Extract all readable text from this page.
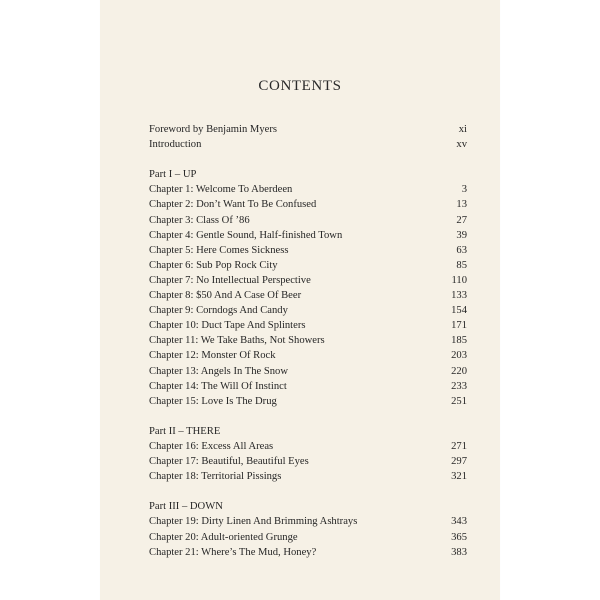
CONTENTS
Foreword by Benjamin Myers	xi
Introduction	xv
Part I – UP
Chapter 1: Welcome To Aberdeen	3
Chapter 2: Don’t Want To Be Confused	13
Chapter 3: Class Of ’86	27
Chapter 4: Gentle Sound, Half-finished Town	39
Chapter 5: Here Comes Sickness	63
Chapter 6: Sub Pop Rock City	85
Chapter 7: No Intellectual Perspective	110
Chapter 8: $50 And A Case Of Beer	133
Chapter 9: Corndogs And Candy	154
Chapter 10: Duct Tape And Splinters	171
Chapter 11: We Take Baths, Not Showers	185
Chapter 12: Monster Of Rock	203
Chapter 13: Angels In The Snow	220
Chapter 14: The Will Of Instinct	233
Chapter 15: Love Is The Drug	251
Part II – THERE
Chapter 16: Excess All Areas	271
Chapter 17: Beautiful, Beautiful Eyes	297
Chapter 18: Territorial Pissings	321
Part III – DOWN
Chapter 19: Dirty Linen And Brimming Ashtrays	343
Chapter 20: Adult-oriented Grunge	365
Chapter 21: Where’s The Mud, Honey?	383
